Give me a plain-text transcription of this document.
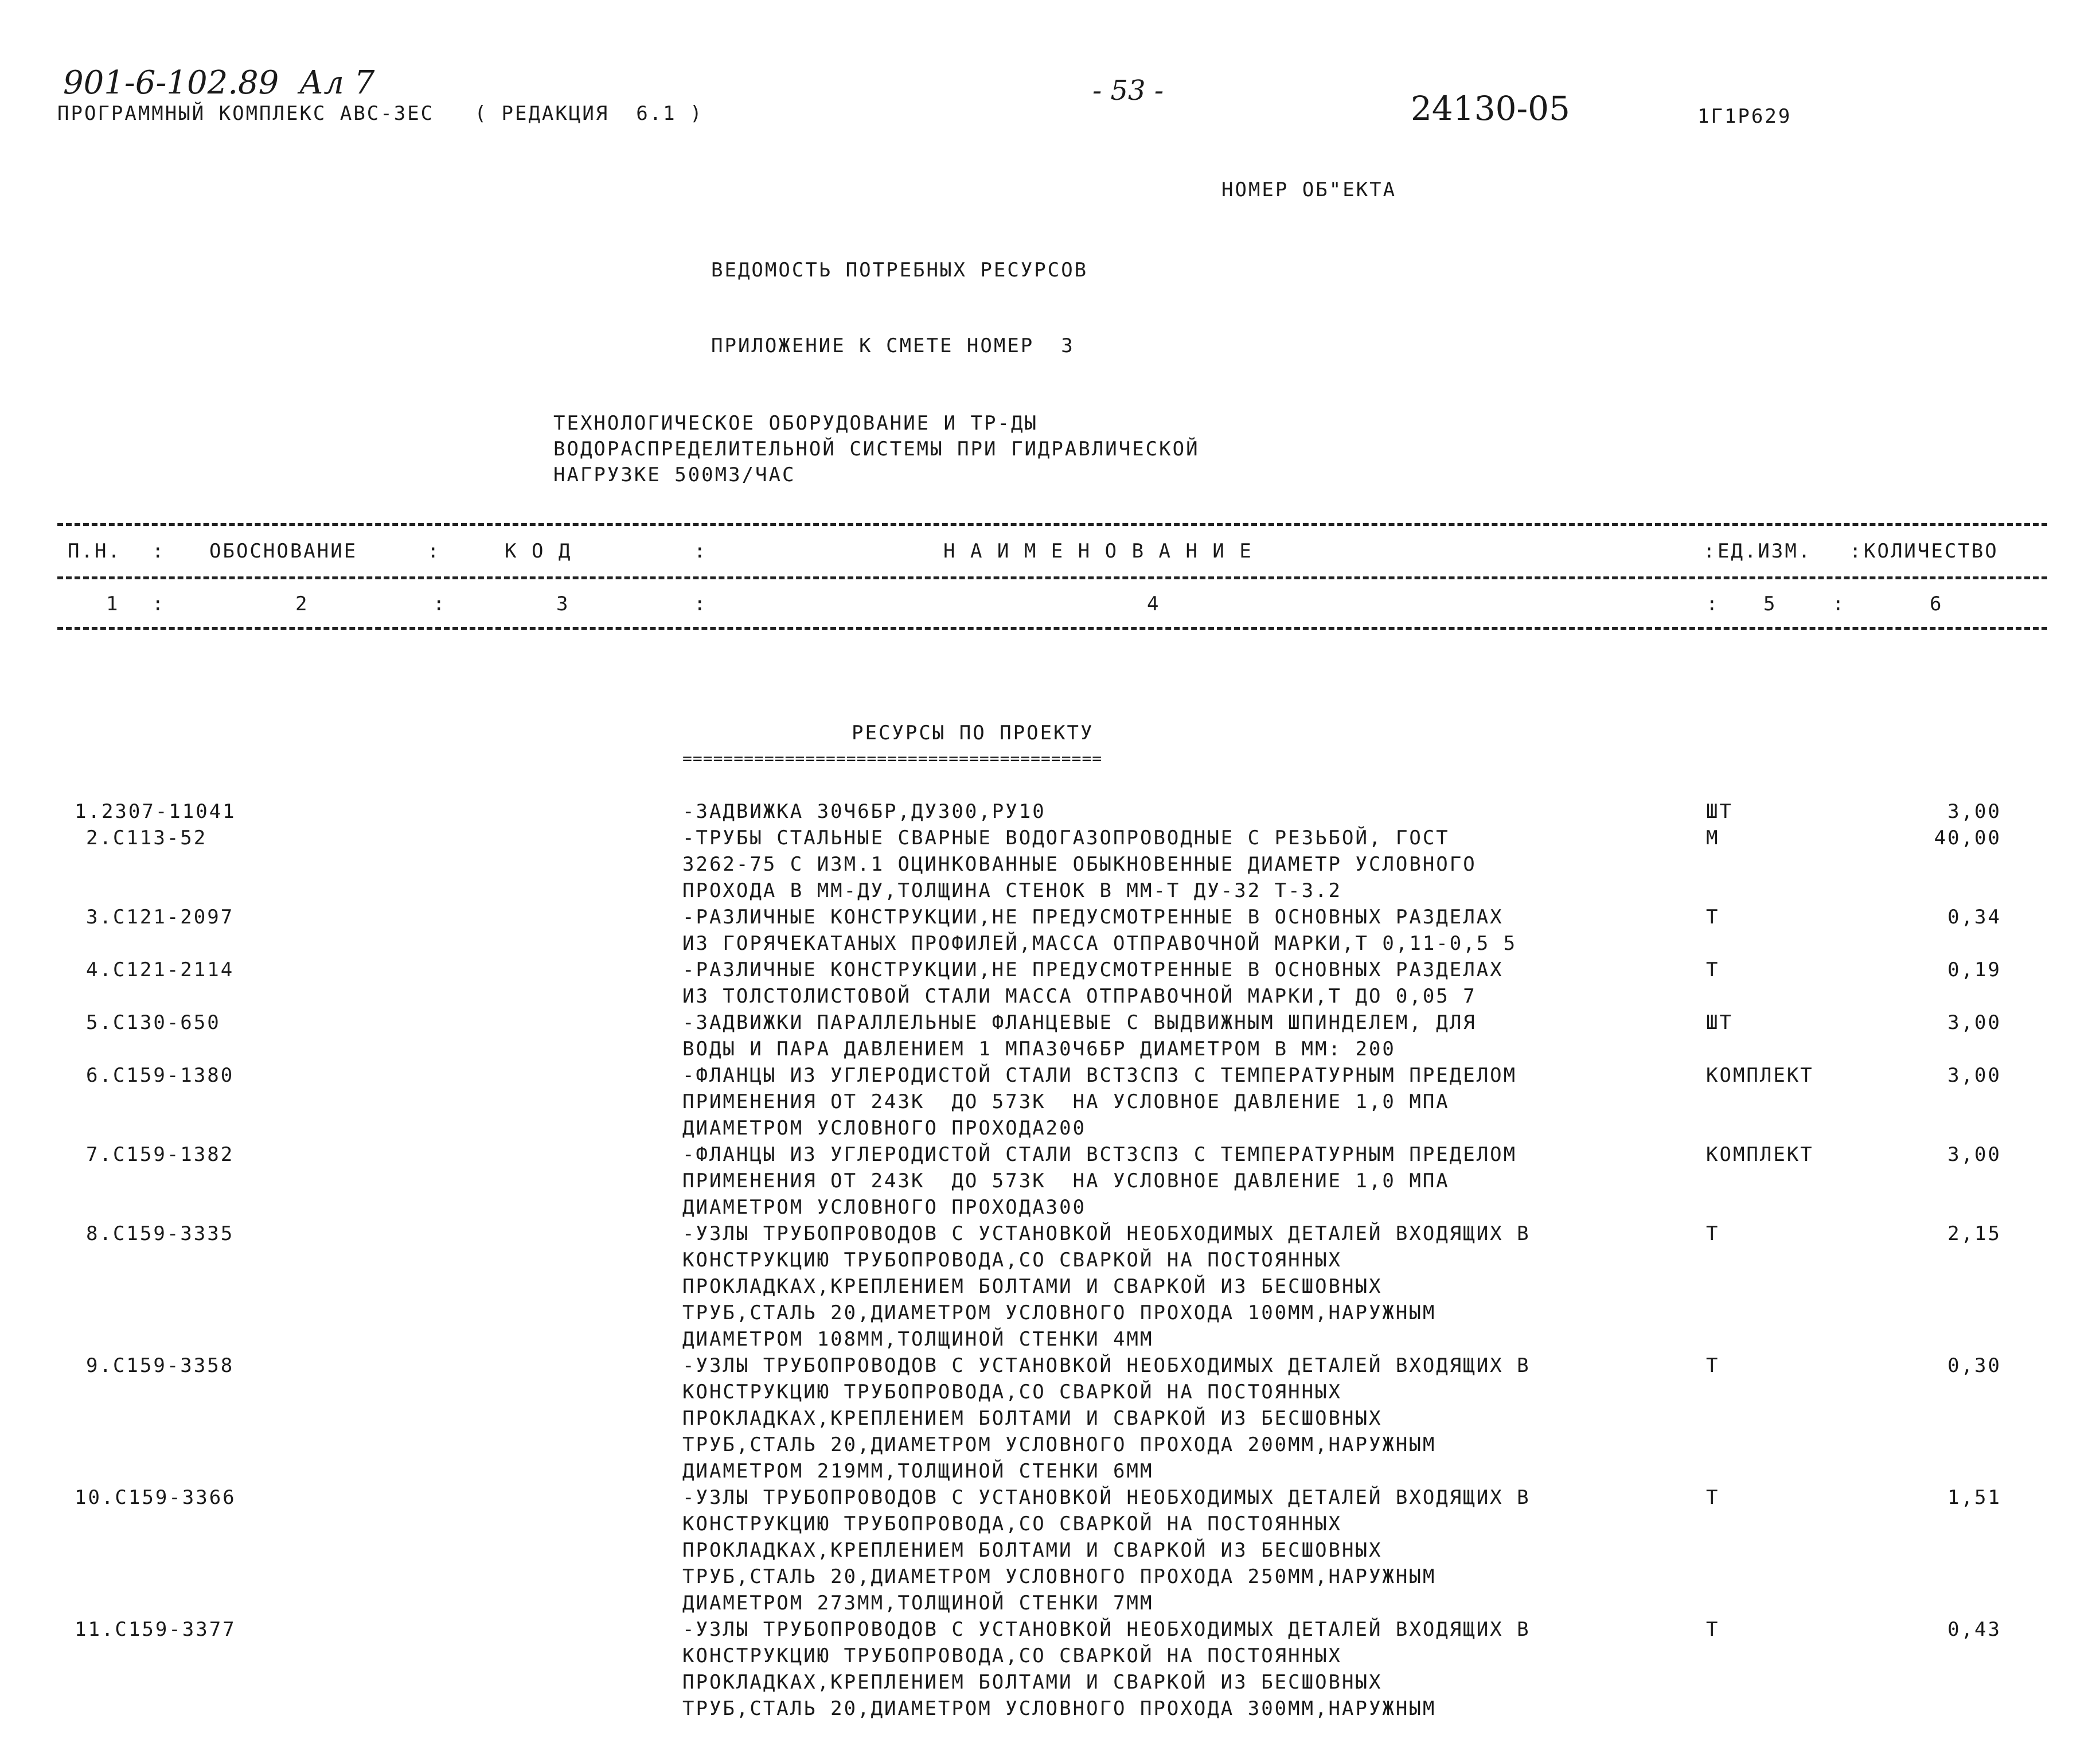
901-6-102.89  Ал 7
ПРОГРАММНЫЙ КОМПЛЕКС АВС-3ЕС   ( РЕДАКЦИЯ  6.1 )
- 53 -	24130-05	1Г1Р629
НОМЕР ОБ"ЕКТА
ВЕДОМОСТЬ ПОТРЕБНЫХ РЕСУРСОВ
ПРИЛОЖЕНИЕ К СМЕТЕ НОМЕР  3
ТЕХНОЛОГИЧЕСКОЕ ОБОРУДОВАНИЕ И ТР-ДЫ
ВОДОРАСПРЕДЕЛИТЕЛЬНОЙ СИСТЕМЫ ПРИ ГИДРАВЛИЧЕСКОЙ
НАГРУЗКЕ 500М3/ЧАС
П.Н. : ОБОСНОВАНИЕ	:	К О Д	:	Н А И М Е Н О В А Н И Е	: ЕД.ИЗМ. : КОЛИЧЕСТВО
1 :	2	:	3	:	4	: 5	:	6
РЕСУРСЫ ПО ПРОЕКТУ
=========================================
1.2307-11041	-ЗАДВИЖКА 30Ч6БР,ДУ300,РУ10	ШТ	3,00
2.С113-52	-ТРУБЫ СТАЛЬНЫЕ СВАРНЫЕ ВОДОГАЗОПРОВОДНЫЕ С РЕЗЬБОЙ, ГОСТ
3262-75 С ИЗМ.1 ОЦИНКОВАННЫЕ ОБЫКНОВЕННЫЕ ДИАМЕТР УСЛОВНОГО
ПРОХОДА В ММ-ДУ,ТОЛЩИНА СТЕНОК В ММ-Т ДУ-32 Т-3.2
М	40,00
3.С121-2097	-РАЗЛИЧНЫЕ КОНСТРУКЦИИ,НЕ ПРЕДУСМОТРЕННЫЕ В ОСНОВНЫХ РАЗДЕЛАХ
ИЗ ГОРЯЧЕКАТАНЫХ ПРОФИЛЕЙ,МАССА ОТПРАВОЧНОЙ МАРКИ,Т 0,11-0,5 5
Т	0,34
4.С121-2114	-РАЗЛИЧНЫЕ КОНСТРУКЦИИ,НЕ ПРЕДУСМОТРЕННЫЕ В ОСНОВНЫХ РАЗДЕЛАХ
ИЗ ТОЛСТОЛИСТОВОЙ СТАЛИ МАССА ОТПРАВОЧНОЙ МАРКИ,Т ДО 0,05 7
Т	0,19
5.С130-650	-ЗАДВИЖКИ ПАРАЛЛЕЛЬНЫЕ ФЛАНЦЕВЫЕ С ВЫДВИЖНЫМ ШПИНДЕЛЕМ, ДЛЯ
ВОДЫ И ПАРА ДАВЛЕНИЕМ 1 МПА30Ч6БР ДИАМЕТРОМ В ММ: 200
ШТ	3,00
6.С159-1380	-ФЛАНЦЫ ИЗ УГЛЕРОДИСТОЙ СТАЛИ ВСТ3СП3 С ТЕМПЕРАТУРНЫМ ПРЕДЕЛОМ
ПРИМЕНЕНИЯ ОТ 243К  ДО 573К  НА УСЛОВНОЕ ДАВЛЕНИЕ 1,0 МПА
ДИАМЕТРОМ УСЛОВНОГО ПРОХОДА200
КОМПЛЕКТ	3,00
7.С159-1382	-ФЛАНЦЫ ИЗ УГЛЕРОДИСТОЙ СТАЛИ ВСТ3СП3 С ТЕМПЕРАТУРНЫМ ПРЕДЕЛОМ
ПРИМЕНЕНИЯ ОТ 243К  ДО 573К  НА УСЛОВНОЕ ДАВЛЕНИЕ 1,0 МПА
ДИАМЕТРОМ УСЛОВНОГО ПРОХОДА300
КОМПЛЕКТ	3,00
8.С159-3335	-УЗЛЫ ТРУБОПРОВОДОВ С УСТАНОВКОЙ НЕОБХОДИМЫХ ДЕТАЛЕЙ ВХОДЯЩИХ В
КОНСТРУКЦИЮ ТРУБОПРОВОДА,СО СВАРКОЙ НА ПОСТОЯННЫХ
ПРОКЛАДКАХ,КРЕПЛЕНИЕМ БОЛТАМИ И СВАРКОЙ ИЗ БЕСШОВНЫХ
ТРУБ,СТАЛЬ 20,ДИАМЕТРОМ УСЛОВНОГО ПРОХОДА 100ММ,НАРУЖНЫМ
ДИАМЕТРОМ 108ММ,ТОЛЩИНОЙ СТЕНКИ 4ММ
Т	2,15
9.С159-3358	-УЗЛЫ ТРУБОПРОВОДОВ С УСТАНОВКОЙ НЕОБХОДИМЫХ ДЕТАЛЕЙ ВХОДЯЩИХ В
КОНСТРУКЦИЮ ТРУБОПРОВОДА,СО СВАРКОЙ НА ПОСТОЯННЫХ
ПРОКЛАДКАХ,КРЕПЛЕНИЕМ БОЛТАМИ И СВАРКОЙ ИЗ БЕСШОВНЫХ
ТРУБ,СТАЛЬ 20,ДИАМЕТРОМ УСЛОВНОГО ПРОХОДА 200ММ,НАРУЖНЫМ
ДИАМЕТРОМ 219ММ,ТОЛЩИНОЙ СТЕНКИ 6ММ
Т	0,30
10.С159-3366	-УЗЛЫ ТРУБОПРОВОДОВ С УСТАНОВКОЙ НЕОБХОДИМЫХ ДЕТАЛЕЙ ВХОДЯЩИХ В
КОНСТРУКЦИЮ ТРУБОПРОВОДА,СО СВАРКОЙ НА ПОСТОЯННЫХ
ПРОКЛАДКАХ,КРЕПЛЕНИЕМ БОЛТАМИ И СВАРКОЙ ИЗ БЕСШОВНЫХ
ТРУБ,СТАЛЬ 20,ДИАМЕТРОМ УСЛОВНОГО ПРОХОДА 250ММ,НАРУЖНЫМ
ДИАМЕТРОМ 273ММ,ТОЛЩИНОЙ СТЕНКИ 7ММ
Т	1,51
11.С159-3377	-УЗЛЫ ТРУБОПРОВОДОВ С УСТАНОВКОЙ НЕОБХОДИМЫХ ДЕТАЛЕЙ ВХОДЯЩИХ В
КОНСТРУКЦИЮ ТРУБОПРОВОДА,СО СВАРКОЙ НА ПОСТОЯННЫХ
ПРОКЛАДКАХ,КРЕПЛЕНИЕМ БОЛТАМИ И СВАРКОЙ ИЗ БЕСШОВНЫХ
ТРУБ,СТАЛЬ 20,ДИАМЕТРОМ УСЛОВНОГО ПРОХОДА 300ММ,НАРУЖНЫМ
Т	0,43
